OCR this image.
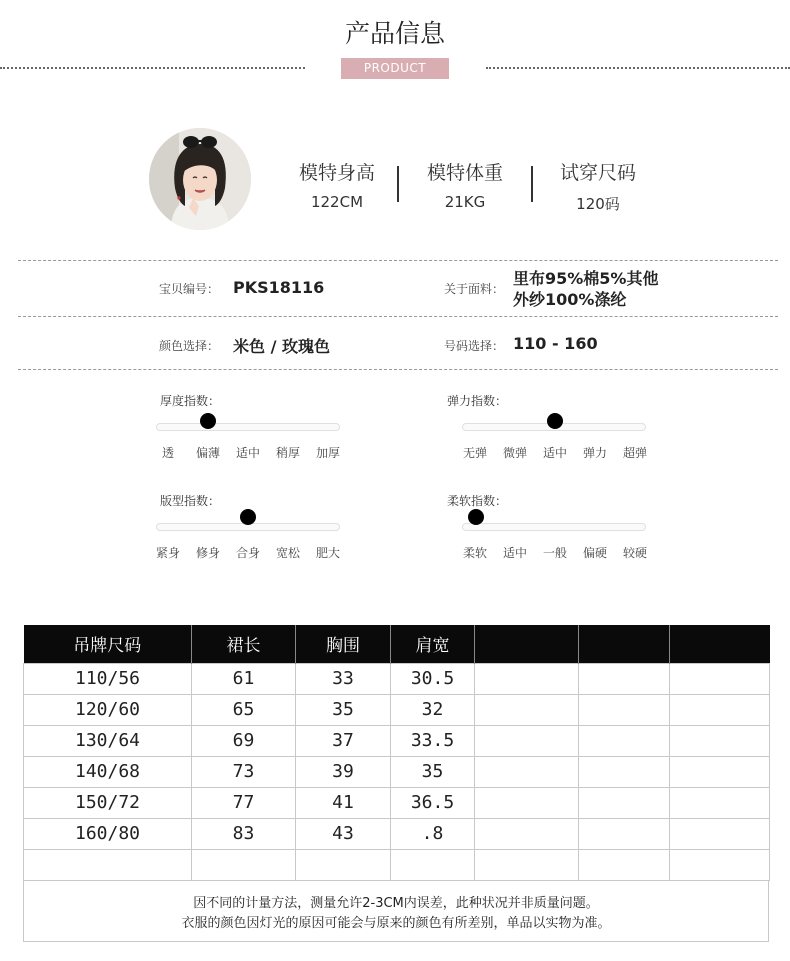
产品信息
PRODUCT
模特身高
122CM
模特体重
21KG
试穿尺码
120码
宝贝编号： PKS18116	关于面料：
里布95%棉5%其他
外纱100%涤纶
颜色选择： 米色 / 玫瑰色	号码选择： 110 - 160
厚度指数：
透	偏薄	适中	稍厚	加厚
弹力指数：
无弹	微弹	适中	弹力	超弹
版型指数：
紧身	修身	合身	宽松	肥大
柔软指数：
柔软	适中	一般	偏硬	较硬
吊牌尺码	裙长	胸围	肩宽			
110/56	61	33	30.5			
120/60	65	35	32			
130/64	69	37	33.5			
140/68	73	39	35			
150/72	77	41	36.5			
160/80	83	43	.8			

因不同的计量方法，测量允许2-3CM内误差，此种状况并非质量问题。
衣服的颜色因灯光的原因可能会与原来的颜色有所差别，单品以实物为准。
